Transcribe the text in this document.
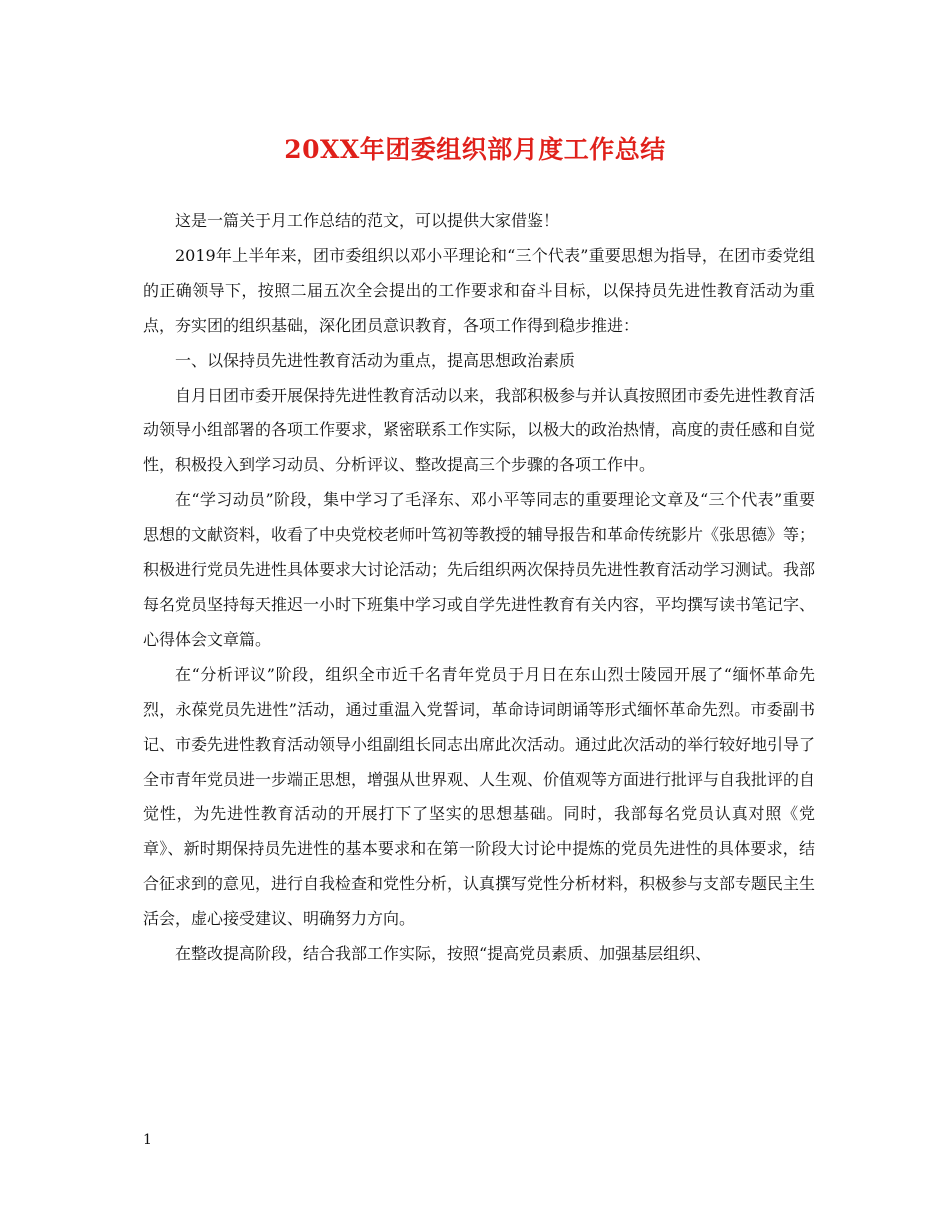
20XX年团委组织部月度工作总结

这是一篇关于月工作总结的范文，可以提供大家借鉴！

2019年上半年来，团市委组织以邓小平理论和“三个代表”重要思想为指导，在团市委党组的正确领导下，按照二届五次全会提出的工作要求和奋斗目标，以保持员先进性教育活动为重点，夯实团的组织基础，深化团员意识教育，各项工作得到稳步推进：

一、以保持员先进性教育活动为重点，提高思想政治素质

自月日团市委开展保持先进性教育活动以来，我部积极参与并认真按照团市委先进性教育活动领导小组部署的各项工作要求，紧密联系工作实际，以极大的政治热情，高度的责任感和自觉性，积极投入到学习动员、分析评议、整改提高三个步骤的各项工作中。

在“学习动员”阶段，集中学习了毛泽东、邓小平等同志的重要理论文章及“三个代表”重要思想的文献资料，收看了中央党校老师叶笃初等教授的辅导报告和革命传统影片《张思德》等；积极进行党员先进性具体要求大讨论活动；先后组织两次保持员先进性教育活动学习测试。我部每名党员坚持每天推迟一小时下班集中学习或自学先进性教育有关内容，平均撰写读书笔记字、心得体会文章篇。

在“分析评议”阶段，组织全市近千名青年党员于月日在东山烈士陵园开展了“缅怀革命先烈，永葆党员先进性”活动，通过重温入党誓词，革命诗词朗诵等形式缅怀革命先烈。市委副书记、市委先进性教育活动领导小组副组长同志出席此次活动。通过此次活动的举行较好地引导了全市青年党员进一步端正思想，增强从世界观、人生观、价值观等方面进行批评与自我批评的自觉性，为先进性教育活动的开展打下了坚实的思想基础。同时，我部每名党员认真对照《党章》、新时期保持员先进性的基本要求和在第一阶段大讨论中提炼的党员先进性的具体要求，结合征求到的意见，进行自我检查和党性分析，认真撰写党性分析材料，积极参与支部专题民主生活会，虚心接受建议、明确努力方向。

在整改提高阶段，结合我部工作实际，按照“提高党员素质、加强基层组织、

1
